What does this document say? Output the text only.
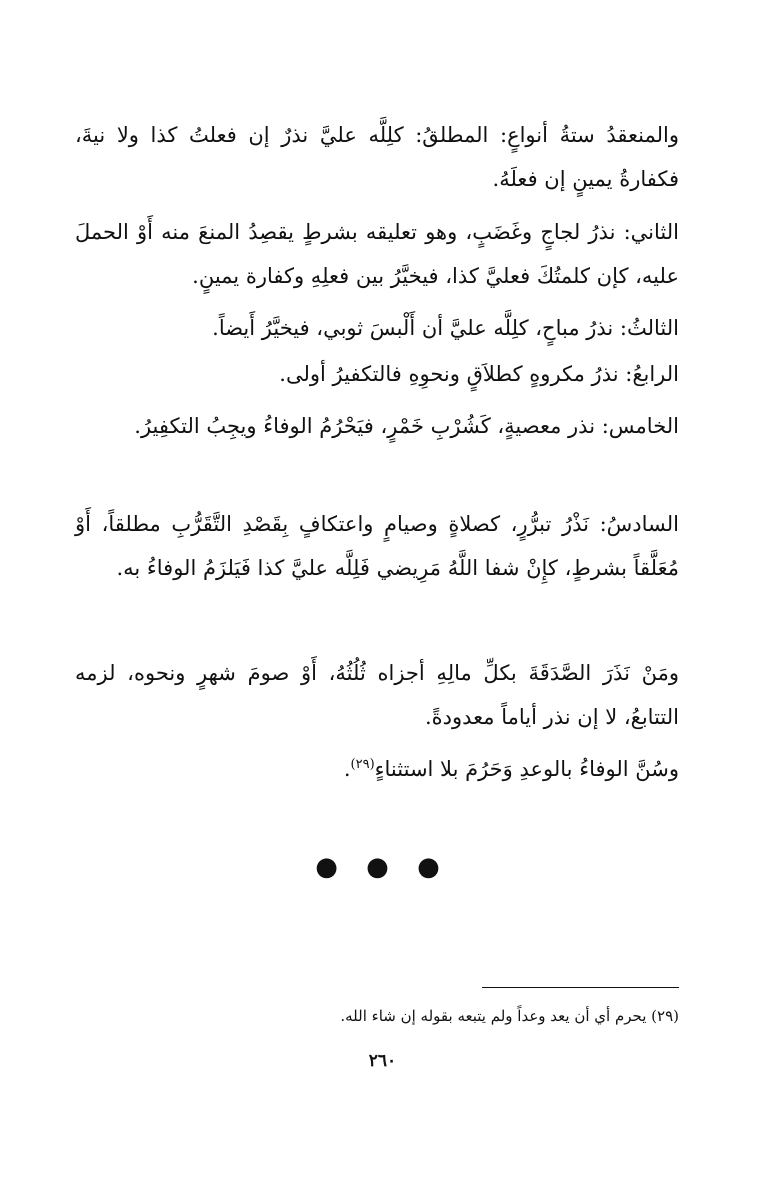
والمنعقدُ ستةُ أنواعٍ: المطلقُ: كلِلَّه عليَّ نذرٌ إن فعلتُ كذا ولا نيةَ، فكفارةُ يمينٍ إن فعلَهُ.

الثاني: نذرُ لجاجٍ وغَضَبٍ، وهو تعليقه بشرطٍ يقصِدُ المنعَ منه أَوْ الحملَ عليه، كإن كلمتُكَ فعليَّ كذا، فيخيَّرُ بين فعلِهِ وكفارة يمينٍ.

الثالثُ: نذرُ مباحٍ، كلِلَّه عليَّ أن أَلْبسَ ثوبي، فيخيَّرُ أَيضاً.

الرابعُ: نذرُ مكروهٍ كطلاَقٍ ونحوِهِ فالتكفيرُ أولى.

الخامس: نذر معصيةٍ، كَشُرْبِ خَمْرٍ، فيَحْرُمُ الوفاءُ ويجِبُ التكفِيرُ.

السادسُ: نَذْرُ تبرُّرٍ، كصلاةٍ وصيامٍ واعتكافٍ بِقَصْدِ التَّقَرُّبِ مطلقاً، أَوْ مُعَلَّقاً بشرطٍ، كإِنْ شفا اللَّهُ مَرِيضي فَلِلَّه عليَّ كذا فَيَلزَمُ الوفاءُ به.

ومَنْ نَذَرَ الصَّدَقَةَ بكلِّ مالِهِ أجزاه ثُلُثُهُ، أَوْ صومَ شهرٍ ونحوه، لزمه التتابعُ، لا إن نذر أياماً معدودةً.

وسُنَّ الوفاءُ بالوعدِ وَحَرُمَ بلا استثناءٍ$^{(٢٩)}$.

● ● ●
(٢٩) يحرم أي أن يعد وعداً ولم يتبعه بقوله إن شاء الله.
٢٦٠
